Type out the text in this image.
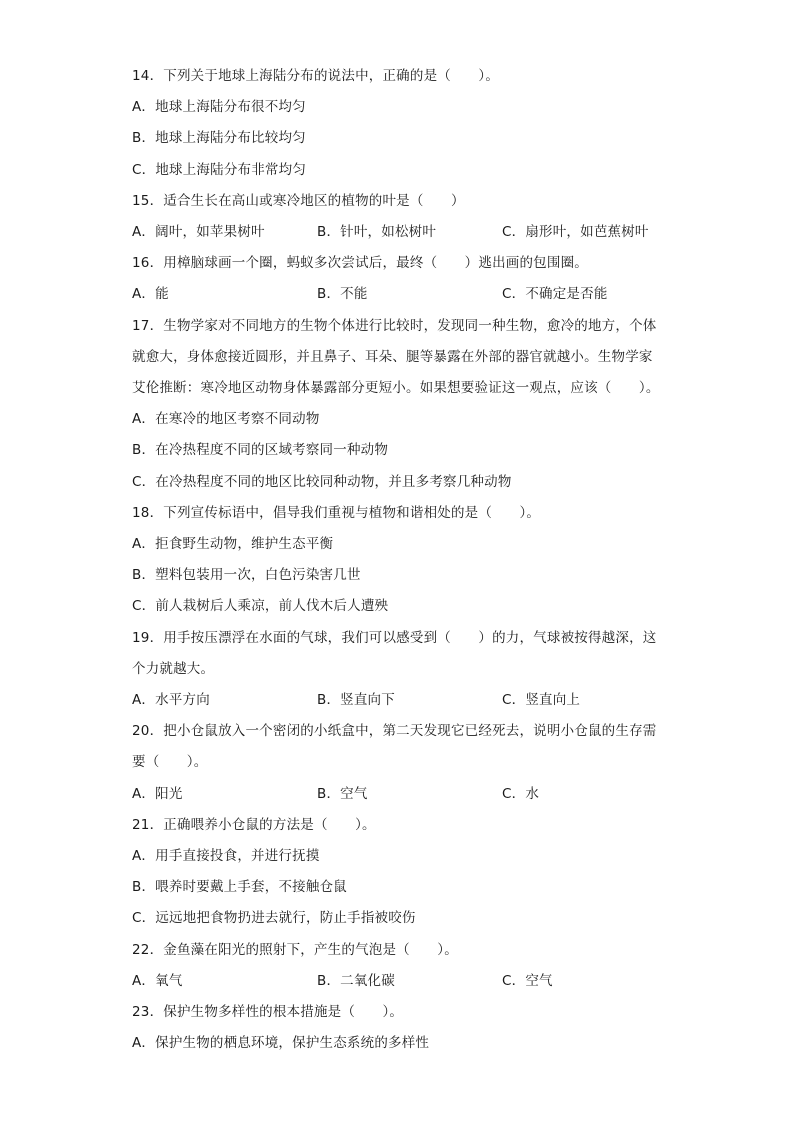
14．下列关于地球上海陆分布的说法中，正确的是（　　）。
A．地球上海陆分布很不均匀
B．地球上海陆分布比较均匀
C．地球上海陆分布非常均匀
15．适合生长在高山或寒冷地区的植物的叶是（　　）
A．阔叶，如苹果树叶	B．针叶，如松树叶	C．扇形叶，如芭蕉树叶
16．用樟脑球画一个圈，蚂蚁多次尝试后，最终（　　）逃出画的包围圈。
A．能	B．不能	C．不确定是否能
17．生物学家对不同地方的生物个体进行比较时，发现同一种生物，愈冷的地方，个体
就愈大，身体愈接近圆形，并且鼻子、耳朵、腿等暴露在外部的器官就越小。生物学家
艾伦推断：寒冷地区动物身体暴露部分更短小。如果想要验证这一观点，应该（　　）。
A．在寒冷的地区考察不同动物
B．在冷热程度不同的区域考察同一种动物
C．在冷热程度不同的地区比较同种动物，并且多考察几种动物
18．下列宣传标语中，倡导我们重视与植物和谐相处的是（　　）。
A．拒食野生动物，维护生态平衡
B．塑料包装用一次，白色污染害几世
C．前人栽树后人乘凉，前人伐木后人遭殃
19．用手按压漂浮在水面的气球，我们可以感受到（　　）的力，气球被按得越深，这
个力就越大。
A．水平方向	B．竖直向下	C．竖直向上
20．把小仓鼠放入一个密闭的小纸盒中，第二天发现它已经死去，说明小仓鼠的生存需
要（　　）。
A．阳光	B．空气	C．水
21．正确喂养小仓鼠的方法是（　　）。
A．用手直接投食，并进行抚摸
B．喂养时要戴上手套，不接触仓鼠
C．远远地把食物扔进去就行，防止手指被咬伤
22．金鱼藻在阳光的照射下，产生的气泡是（　　）。
A．氧气	B．二氧化碳	C．空气
23．保护生物多样性的根本措施是（　　）。
A．保护生物的栖息环境，保护生态系统的多样性
